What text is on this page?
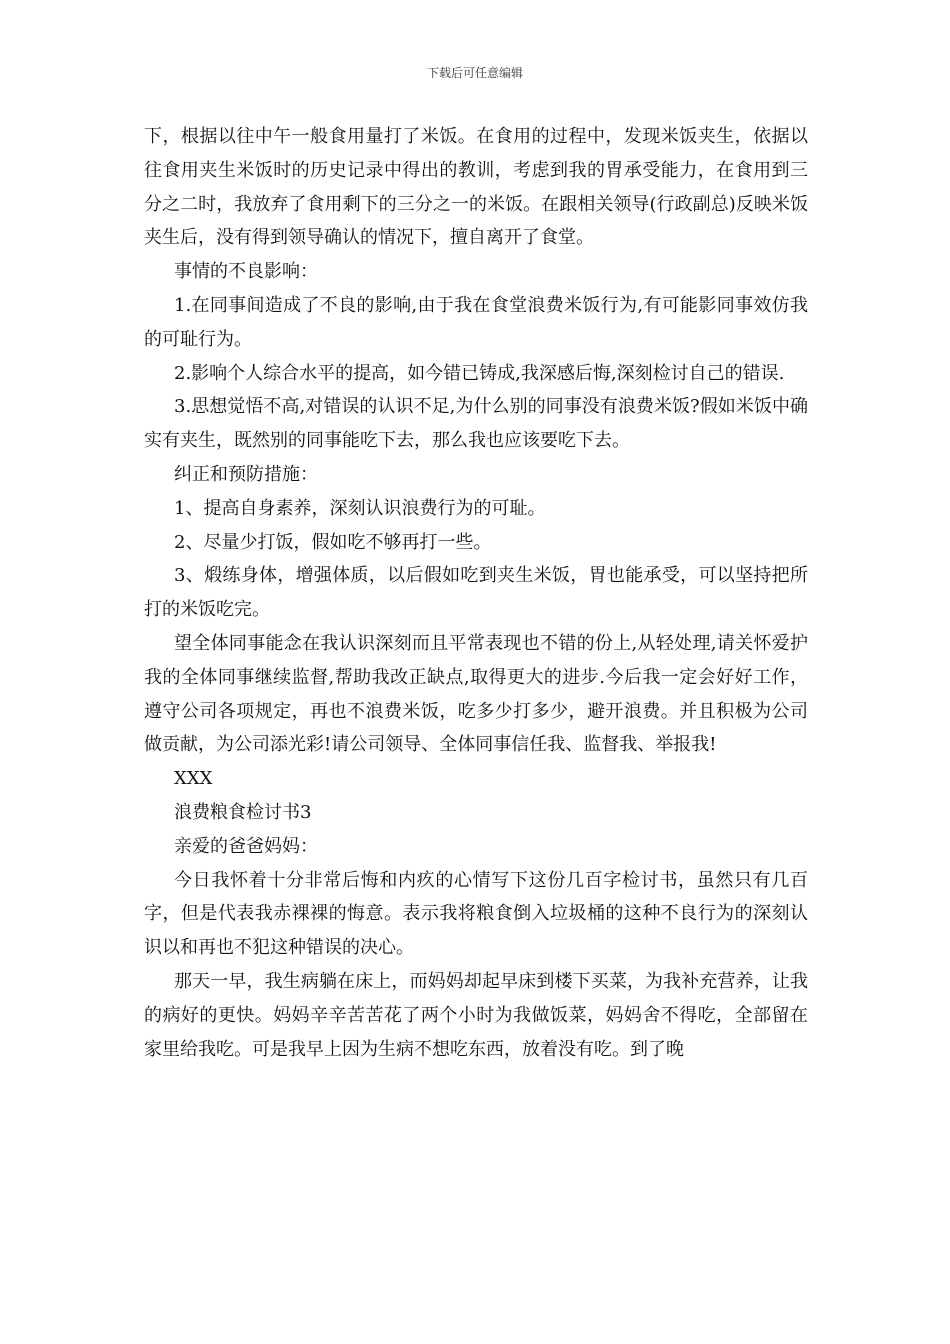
下载后可任意编辑

下，根据以往中午一般食用量打了米饭。在食用的过程中，发现米饭夹生，依据以往食用夹生米饭时的历史记录中得出的教训，考虑到我的胃承受能力，在食用到三分之二时，我放弃了食用剩下的三分之一的米饭。在跟相关领导(行政副总)反映米饭夹生后，没有得到领导确认的情况下，擅自离开了食堂。

事情的不良影响：

1.在同事间造成了不良的影响,由于我在食堂浪费米饭行为,有可能影同事效仿我的可耻行为。

2.影响个人综合水平的提高，如今错已铸成,我深感后悔,深刻检讨自己的错误.

3.思想觉悟不高,对错误的认识不足,为什么别的同事没有浪费米饭?假如米饭中确实有夹生，既然别的同事能吃下去，那么我也应该要吃下去。

纠正和预防措施：

1、提高自身素养，深刻认识浪费行为的可耻。

2、尽量少打饭，假如吃不够再打一些。

3、煅练身体，增强体质，以后假如吃到夹生米饭，胃也能承受，可以坚持把所打的米饭吃完。

望全体同事能念在我认识深刻而且平常表现也不错的份上,从轻处理,请关怀爱护我的全体同事继续监督,帮助我改正缺点,取得更大的进步.今后我一定会好好工作，遵守公司各项规定，再也不浪费米饭，吃多少打多少，避开浪费。并且积极为公司做贡献，为公司添光彩!请公司领导、全体同事信任我、监督我、举报我!

XXX

浪费粮食检讨书3

亲爱的爸爸妈妈：

今日我怀着十分非常后悔和内疚的心情写下这份几百字检讨书，虽然只有几百字，但是代表我赤裸裸的悔意。表示我将粮食倒入垃圾桶的这种不良行为的深刻认识以和再也不犯这种错误的决心。

那天一早，我生病躺在床上，而妈妈却起早床到楼下买菜，为我补充营养，让我的病好的更快。妈妈辛辛苦苦花了两个小时为我做饭菜，妈妈舍不得吃，全部留在家里给我吃。可是我早上因为生病不想吃东西，放着没有吃。到了晚
